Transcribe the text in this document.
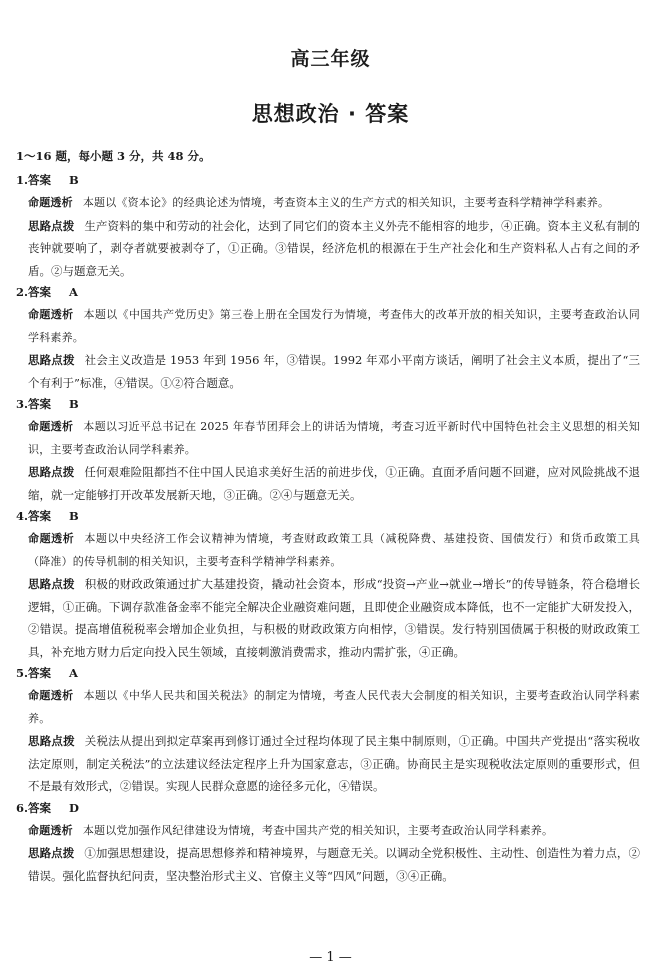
高三年级
思想政治 · 答案
1～16 题，每小题 3 分，共 48 分。
1.答案 B
命题透析 本题以《资本论》的经典论述为情境，考查资本主义的生产方式的相关知识，主要考查科学精神学科素养。
思路点拨 生产资料的集中和劳动的社会化，达到了同它们的资本主义外壳不能相容的地步，④正确。资本主义私有制的丧钟就要响了，剥夺者就要被剥夺了，①正确。③错误，经济危机的根源在于生产社会化和生产资料私人占有之间的矛盾。②与题意无关。
2.答案 A
命题透析 本题以《中国共产党历史》第三卷上册在全国发行为情境，考查伟大的改革开放的相关知识，主要考查政治认同学科素养。
思路点拨 社会主义改造是 1953 年到 1956 年，③错误。1992 年邓小平南方谈话，阐明了社会主义本质，提出了“三个有利于”标准，④错误。①②符合题意。
3.答案 B
命题透析 本题以习近平总书记在 2025 年春节团拜会上的讲话为情境，考查习近平新时代中国特色社会主义思想的相关知识，主要考查政治认同学科素养。
思路点拨 任何艰难险阻都挡不住中国人民追求美好生活的前进步伐，①正确。直面矛盾问题不回避，应对风险挑战不退缩，就一定能够打开改革发展新天地，③正确。②④与题意无关。
4.答案 B
命题透析 本题以中央经济工作会议精神为情境，考查财政政策工具（减税降费、基建投资、国债发行）和货币政策工具（降准）的传导机制的相关知识，主要考查科学精神学科素养。
思路点拨 积极的财政政策通过扩大基建投资，撬动社会资本，形成“投资→产业→就业→增长”的传导链条，符合稳增长逻辑，①正确。下调存款准备金率不能完全解决企业融资难问题，且即使企业融资成本降低，也不一定能扩大研发投入，②错误。提高增值税税率会增加企业负担，与积极的财政政策方向相悖，③错误。发行特别国债属于积极的财政政策工具，补充地方财力后定向投入民生领域，直接刺激消费需求，推动内需扩张，④正确。
5.答案 A
命题透析 本题以《中华人民共和国关税法》的制定为情境，考查人民代表大会制度的相关知识，主要考查政治认同学科素养。
思路点拨 关税法从提出到拟定草案再到修订通过全过程均体现了民主集中制原则，①正确。中国共产党提出“落实税收法定原则，制定关税法”的立法建议经法定程序上升为国家意志，③正确。协商民主是实现税收法定原则的重要形式，但不是最有效形式，②错误。实现人民群众意愿的途径多元化，④错误。
6.答案 D
命题透析 本题以党加强作风纪律建设为情境，考查中国共产党的相关知识，主要考查政治认同学科素养。
思路点拨 ①加强思想建设，提高思想修养和精神境界，与题意无关。以调动全党积极性、主动性、创造性为着力点，②错误。强化监督执纪问责，坚决整治形式主义、官僚主义等“四风”问题，③④正确。
— 1 —
